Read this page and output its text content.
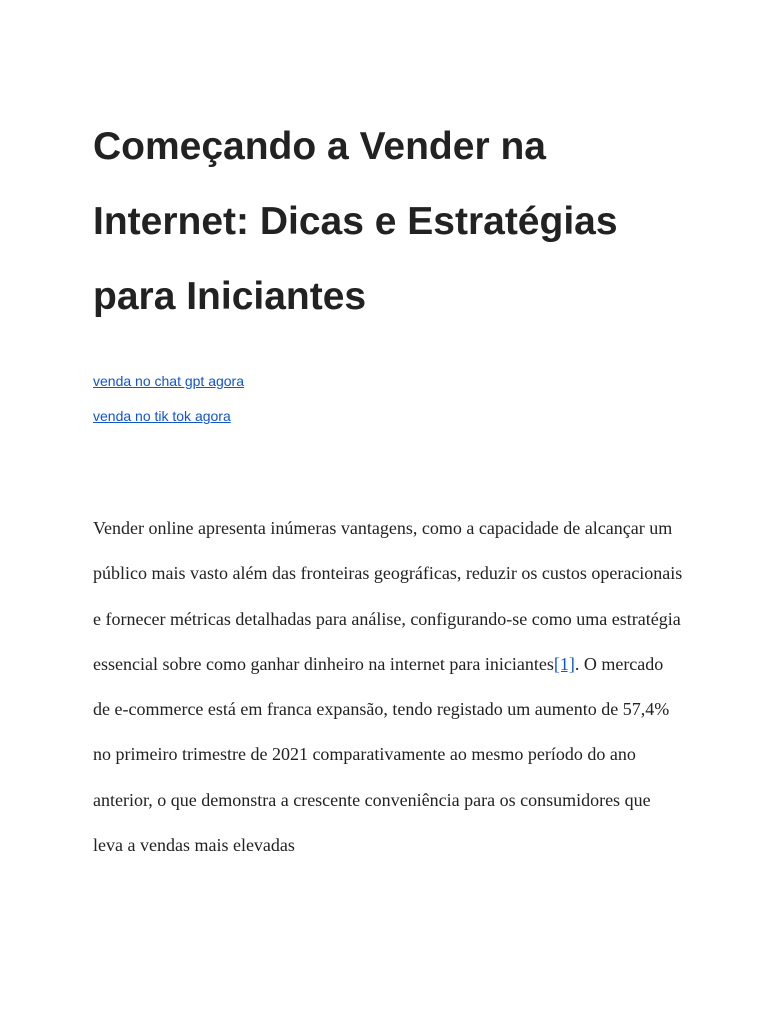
Começando a Vender na Internet: Dicas e Estratégias para Iniciantes
venda no chat gpt agora
venda no tik tok agora

Vender online apresenta inúmeras vantagens, como a capacidade de alcançar um público mais vasto além das fronteiras geográficas, reduzir os custos operacionais e fornecer métricas detalhadas para análise, configurando-se como uma estratégia essencial sobre como ganhar dinheiro na internet para iniciantes[1]. O mercado de e-commerce está em franca expansão, tendo registado um aumento de 57,4% no primeiro trimestre de 2021 comparativamente ao mesmo período do ano anterior, o que demonstra a crescente conveniência para os consumidores que leva a vendas mais elevadas
